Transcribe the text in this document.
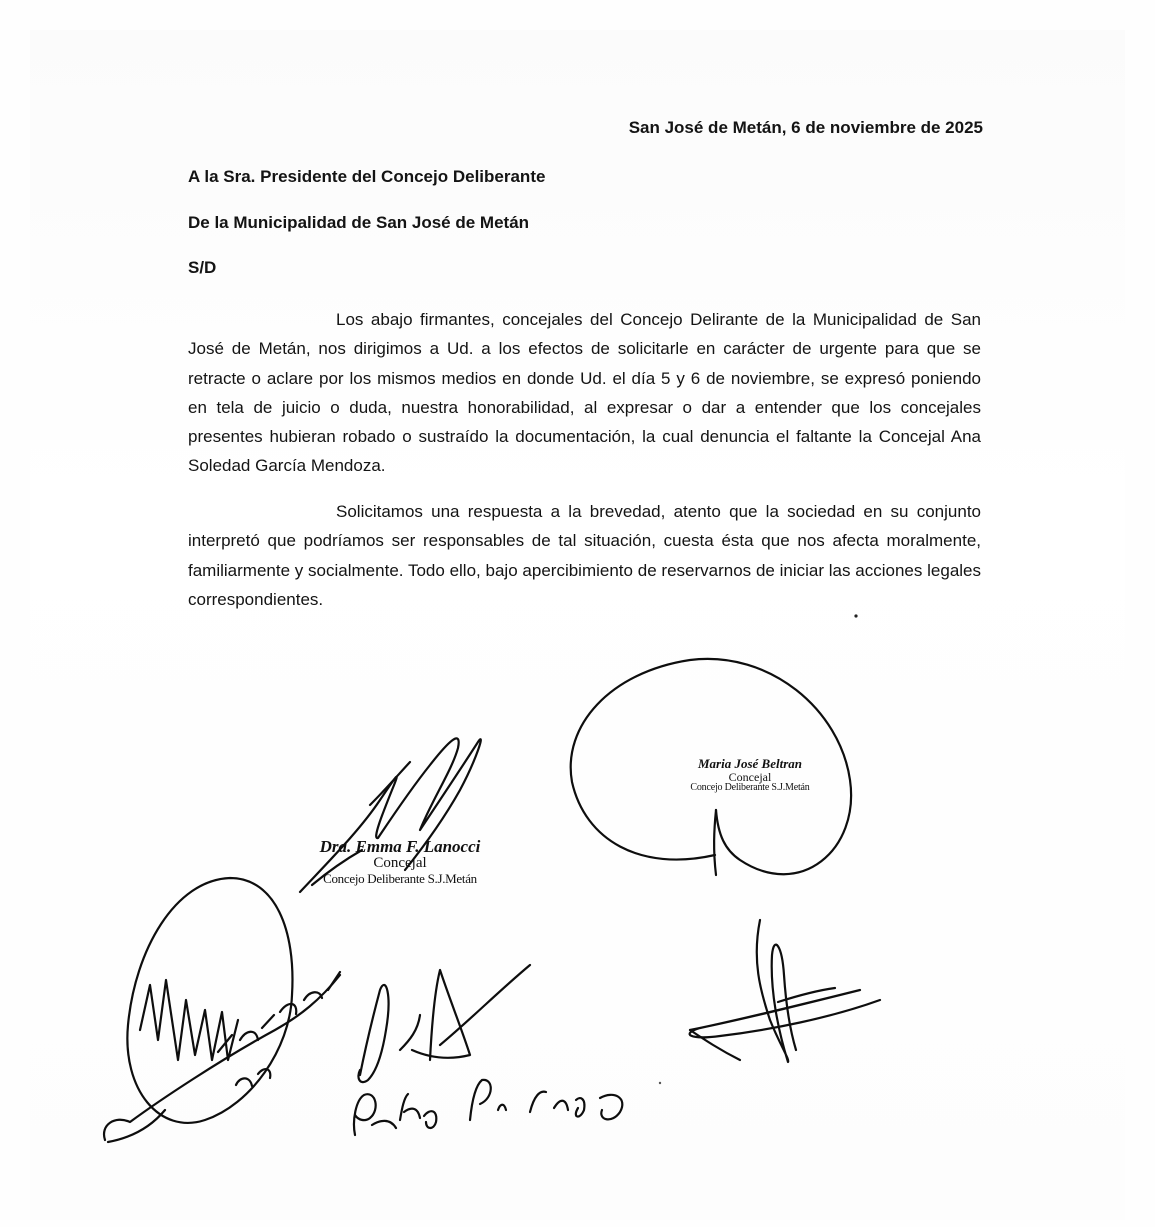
San José de Metán, 6 de noviembre de 2025
A la Sra. Presidente del Concejo Deliberante
De la Municipalidad de San José de Metán
S/D

Los abajo firmantes, concejales del Concejo Delirante de la Municipalidad de San José de Metán, nos dirigimos a Ud. a los efectos de solicitarle en carácter de urgente para que se retracte o aclare por los mismos medios en donde Ud. el día 5 y 6 de noviembre, se expresó poniendo en tela de juicio o duda, nuestra honorabilidad, al expresar o dar a entender que los concejales presentes hubieran robado o sustraído la documentación, la cual denuncia el faltante la Concejal Ana Soledad García Mendoza.

Solicitamos una respuesta a la brevedad, atento que la sociedad en su conjunto interpretó que podríamos ser responsables de tal situación, cuesta ésta que nos afecta moralmente, familiarmente y socialmente. Todo ello, bajo apercibimiento de reservarnos de iniciar las acciones legales correspondientes.

Dra. Emma F. Lanocci
Concejal
Concejo Deliberante S.J.Metán
Maria José Beltran
Concejal
Concejo Deliberante S.J.Metán
